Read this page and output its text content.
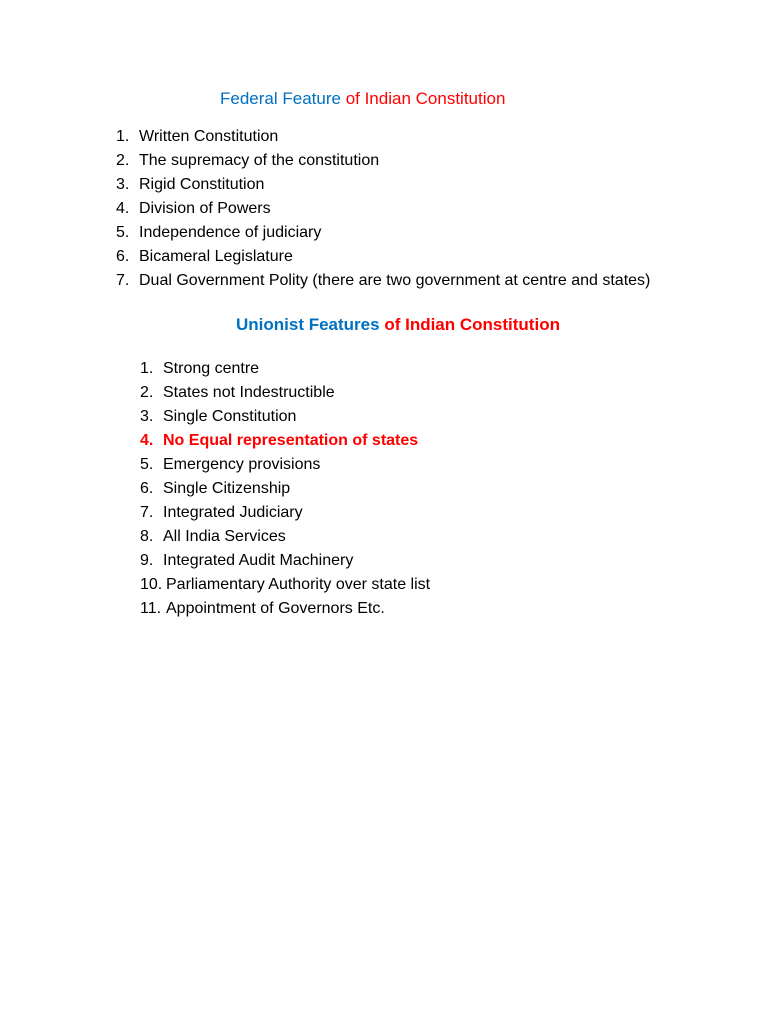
Federal Feature of Indian Constitution
1. Written Constitution
2. The supremacy of the constitution
3. Rigid Constitution
4. Division of Powers
5. Independence of judiciary
6. Bicameral Legislature
7. Dual Government Polity (there are two government at centre and states)
Unionist Features of Indian Constitution
1. Strong centre
2. States not Indestructible
3. Single Constitution
4. No Equal representation of states
5. Emergency provisions
6. Single Citizenship
7. Integrated Judiciary
8. All India Services
9. Integrated Audit Machinery
10. Parliamentary Authority over state list
11. Appointment of Governors Etc.
